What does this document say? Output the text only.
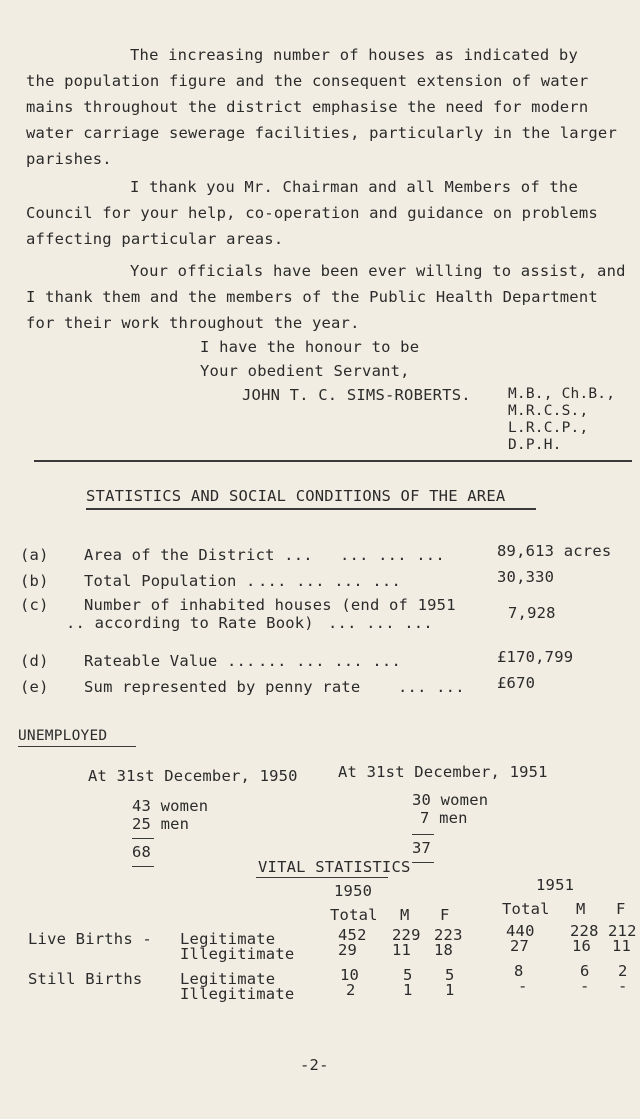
The increasing number of houses as indicated by
the population figure and the consequent extension of water
mains throughout the district emphasise the need for modern
water carriage sewerage facilities, particularly in the larger
parishes.
I thank you Mr. Chairman and all Members of the
Council for your help, co-operation and guidance on problems
affecting particular areas.
Your officials have been ever willing to assist, and
I thank them and the members of the Public Health Department
for their work throughout the year.
I have the honour to be
Your obedient Servant,
JOHN T. C. SIMS-ROBERTS.	M.B., Ch.B.,
M.R.C.S.,
L.R.C.P.,
D.P.H.
STATISTICS AND SOCIAL CONDITIONS OF THE AREA
(a) Area of the District ... ... ... ...	89,613 acres
(b) Total Population . ... ... ... ...	30,330
(c) Number of inhabited houses (end of 1951
.. according to Rate Book) ... ... ...
7,928
(d) Rateable Value ... ... ... ... ...	£170,799
(e) Sum represented by penny rate ... ... £670
UNEMPLOYED
At 31st December, 1950
43 women
25 men
68
At 31st December, 1951
30 women
7 men
37
VITAL STATISTICS
1950	1951
Total M F	Total M F
Live Births - Legitimate	452 229 223	440 228 212
Illegitimate	29 11 18	27	16 11
Still Births Legitimate	10	5 5	8	6 2
Illegitimate	2	1 1	-	- -
-2-
